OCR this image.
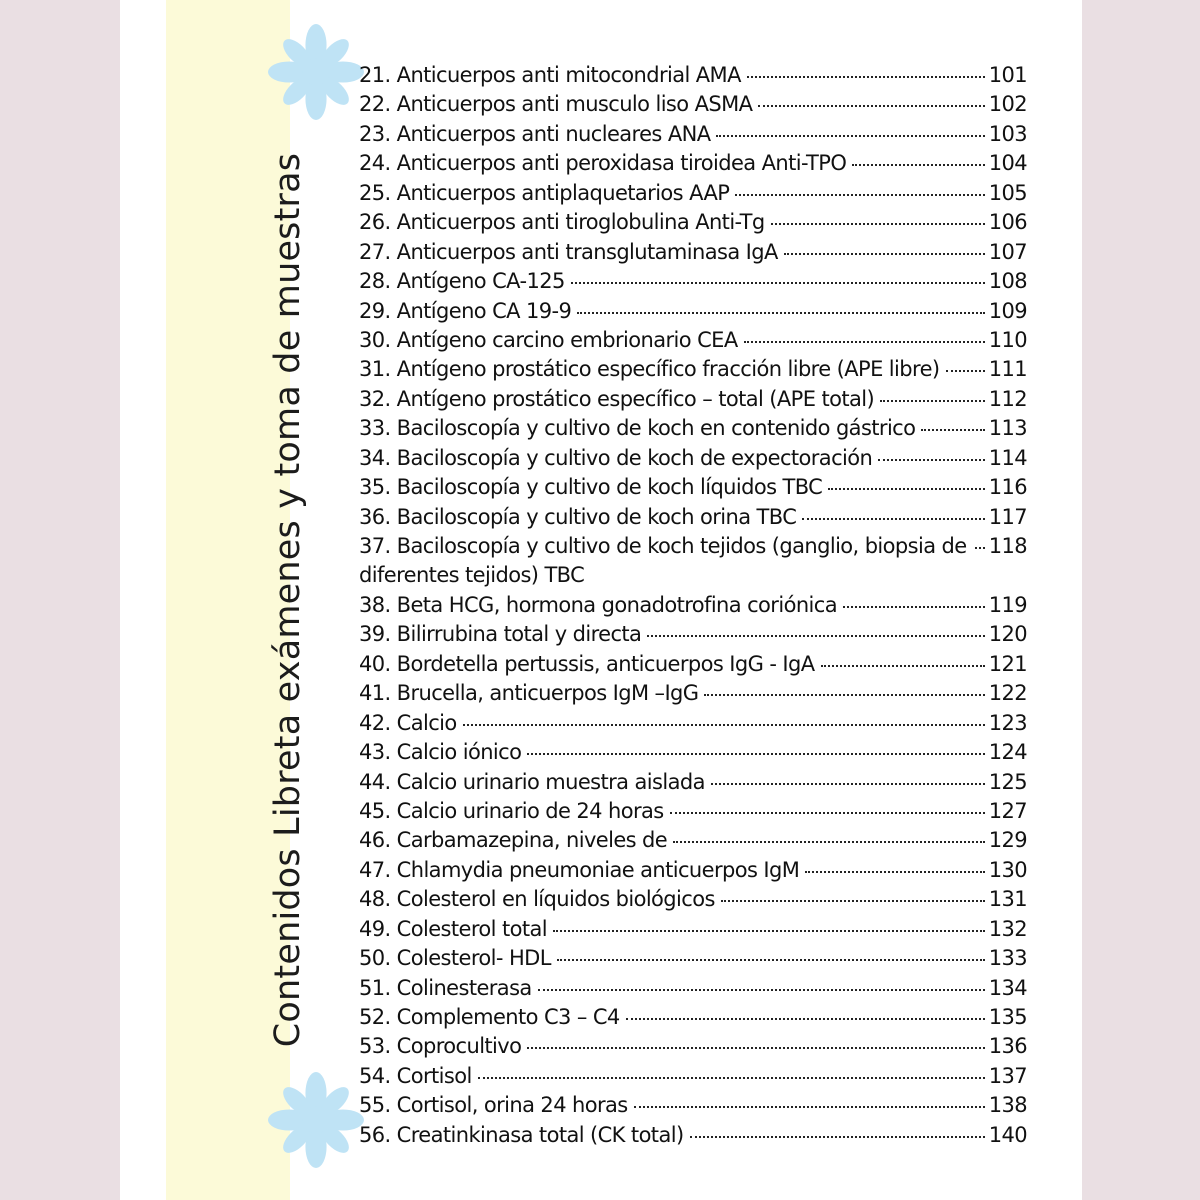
Contenidos Libreta exámenes y toma de muestras
21. Anticuerpos anti mitocondrial AMA	101
22. Anticuerpos anti musculo liso ASMA	102
23. Anticuerpos anti nucleares ANA	103
24. Anticuerpos anti peroxidasa tiroidea Anti-TPO	104
25. Anticuerpos antiplaquetarios AAP	105
26. Anticuerpos anti tiroglobulina Anti-Tg	106
27. Anticuerpos anti transglutaminasa IgA	107
28. Antígeno CA-125	108
29. Antígeno CA 19-9	109
30. Antígeno carcino embrionario CEA	110
31. Antígeno prostático específico fracción libre (APE libre) 111
32. Antígeno prostático específico – total (APE total)	112
33. Baciloscopía y cultivo de koch en contenido gástrico	113
34. Baciloscopía y cultivo de koch de expectoración	114
35. Baciloscopía y cultivo de koch líquidos TBC	116
36. Baciloscopía y cultivo de koch orina TBC	117
37. Baciloscopía y cultivo de koch tejidos (ganglio, biopsia de diferentes tejidos) TBC
118
38. Beta HCG, hormona gonadotrofina coriónica	119
39. Bilirrubina total y directa	120
40. Bordetella pertussis, anticuerpos IgG - IgA	121
41. Brucella, anticuerpos IgM –IgG	122
42. Calcio	123
43. Calcio iónico	124
44. Calcio urinario muestra aislada	125
45. Calcio urinario de 24 horas	127
46. Carbamazepina, niveles de	129
47. Chlamydia pneumoniae anticuerpos IgM	130
48. Colesterol en líquidos biológicos	131
49. Colesterol total	132
50. Colesterol- HDL	133
51. Colinesterasa	134
52. Complemento C3 – C4	135
53. Coprocultivo	136
54. Cortisol	137
55. Cortisol, orina 24 horas	138
56. Creatinkinasa total (CK total)	140
